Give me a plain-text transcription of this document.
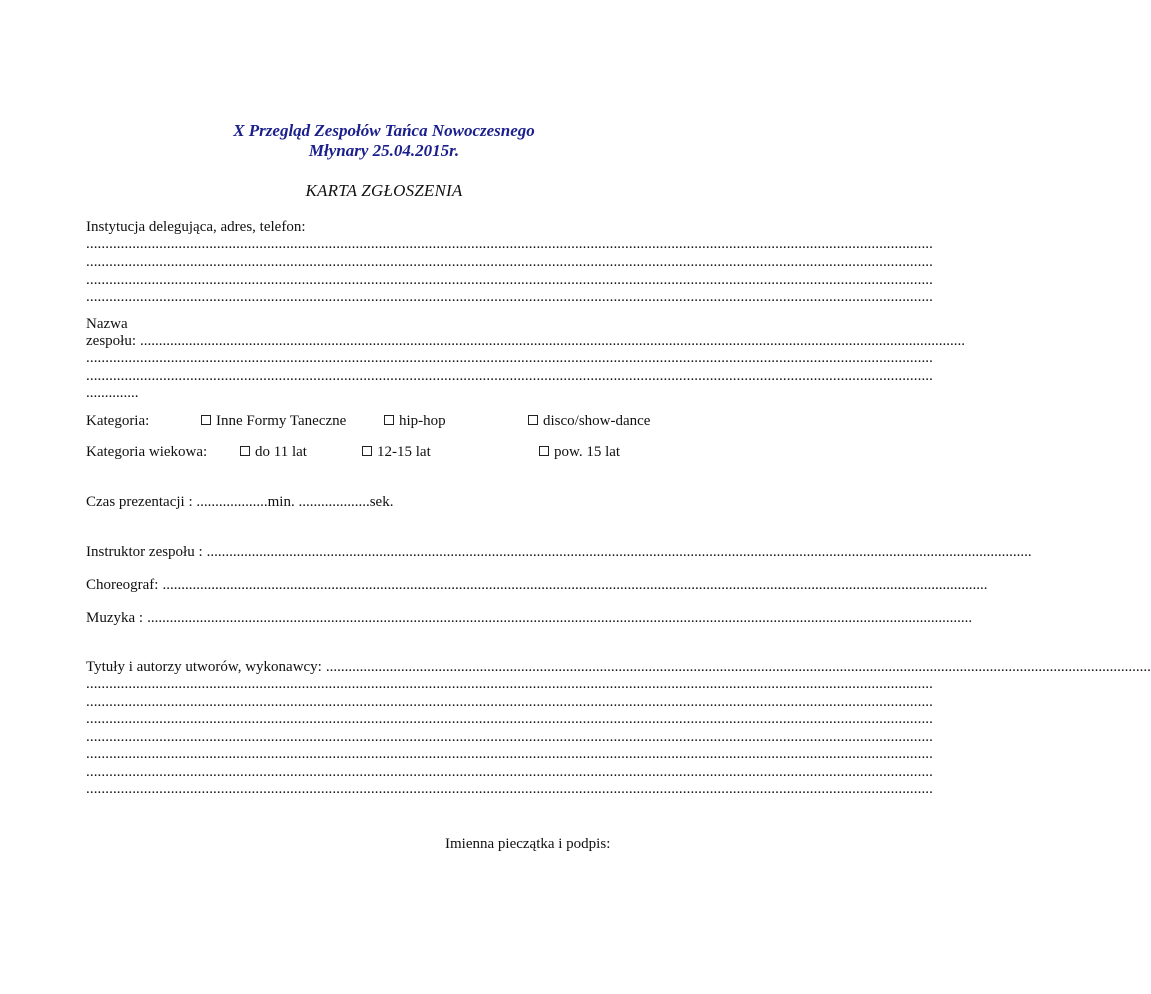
X Przegląd Zespołów Tańca Nowoczesnego
Młynary 25.04.2015r.
KARTA ZGŁOSZENIA
Instytucja delegująca, adres, telefon:
............................................................................................................................................................................................................................
............................................................................................................................................................................................................................
............................................................................................................................................................................................................................
............................................................................................................................................................................................................................
Nazwa
zespołu: ............................................................................................................................................................................................................................
............................................................................................................................................................................................................................
............................................................................................................................................................................................................................
..............
Kategoria:	Inne Formy Taneczne	hip-hop	disco/show-dance
Kategoria wiekowa:	do 11 lat	12-15 lat	pow. 15 lat
Czas prezentacji : ...................min. ...................sek.
Instruktor zespołu : ............................................................................................................................................................................................................................
Choreograf: ............................................................................................................................................................................................................................
Muzyka : ............................................................................................................................................................................................................................
Tytuły i autorzy utworów, wykonawcy: ............................................................................................................................................................................................................................
............................................................................................................................................................................................................................
............................................................................................................................................................................................................................
............................................................................................................................................................................................................................
............................................................................................................................................................................................................................
............................................................................................................................................................................................................................
............................................................................................................................................................................................................................
............................................................................................................................................................................................................................
Imienna pieczątka i podpis:
